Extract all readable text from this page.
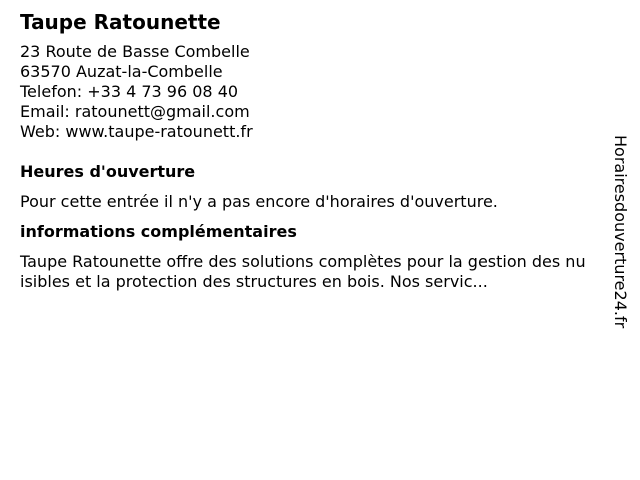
Taupe Ratounette
23 Route de Basse Combelle
63570 Auzat-la-Combelle
Telefon: +33 4 73 96 08 40
Email: ratounett@gmail.com
Web: www.taupe-ratounett.fr
Heures d'ouverture
Pour cette entrée il n'y a pas encore d'horaires d'ouverture.
informations complémentaires
Taupe Ratounette offre des solutions complètes pour la gestion des nuisibles et la protection des structures en bois. Nos servic...	Horairesdouverture24.fr
